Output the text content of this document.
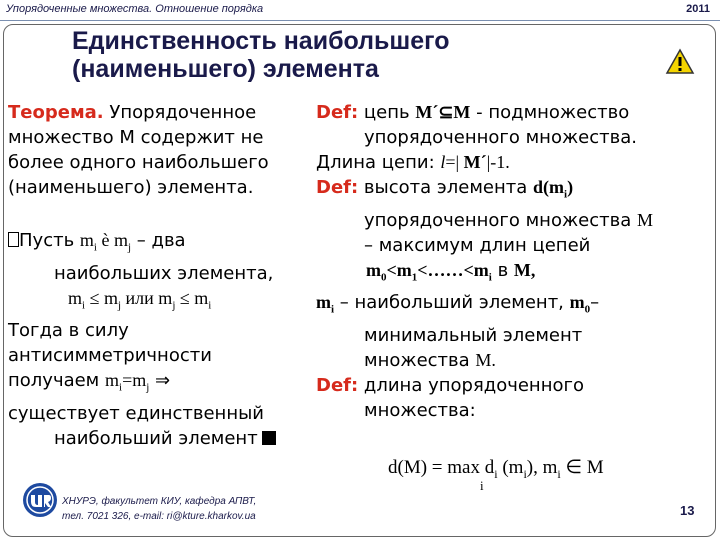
Упорядоченные множества. Отношение порядка	2011
Единственность наибольшего
(наименьшего) элемента

Теорема. Упорядоченное

множество М содержит не

более одного наибольшего

(наименьшего) элемента.

Пусть $m_i$ è $m_j$ – два

наибольших элемента,

$m_i \le m_j$ или $m_j \le m_i$

Тогда в силу

антисимметричности

получаем $m_i=m_j$ ⇒

существует единственный

наибольший элемент

Def: цепь M´⊆M - подмножество

упорядоченного множества.

Длина цепи: l=| M´|-1.

Def: высота элемента $d(m_i)$

упорядоченного множества M

– максимум длин цепей

$m_0<m_1<\dots\dots<m_i$ в M,

$m_i$ – наибольший элемент, $m_0-$

минимальный элемент

множества M.

Def: длина упорядоченного

множества:

$d(M) = \max d_i$ $(m_i)$, $m_i$ ∈ M
i
ХНУРЭ, факультет КИУ, кафедра АПВТ,
тел. 7021 326, e-mail: ri@kture.kharkov.ua	13
